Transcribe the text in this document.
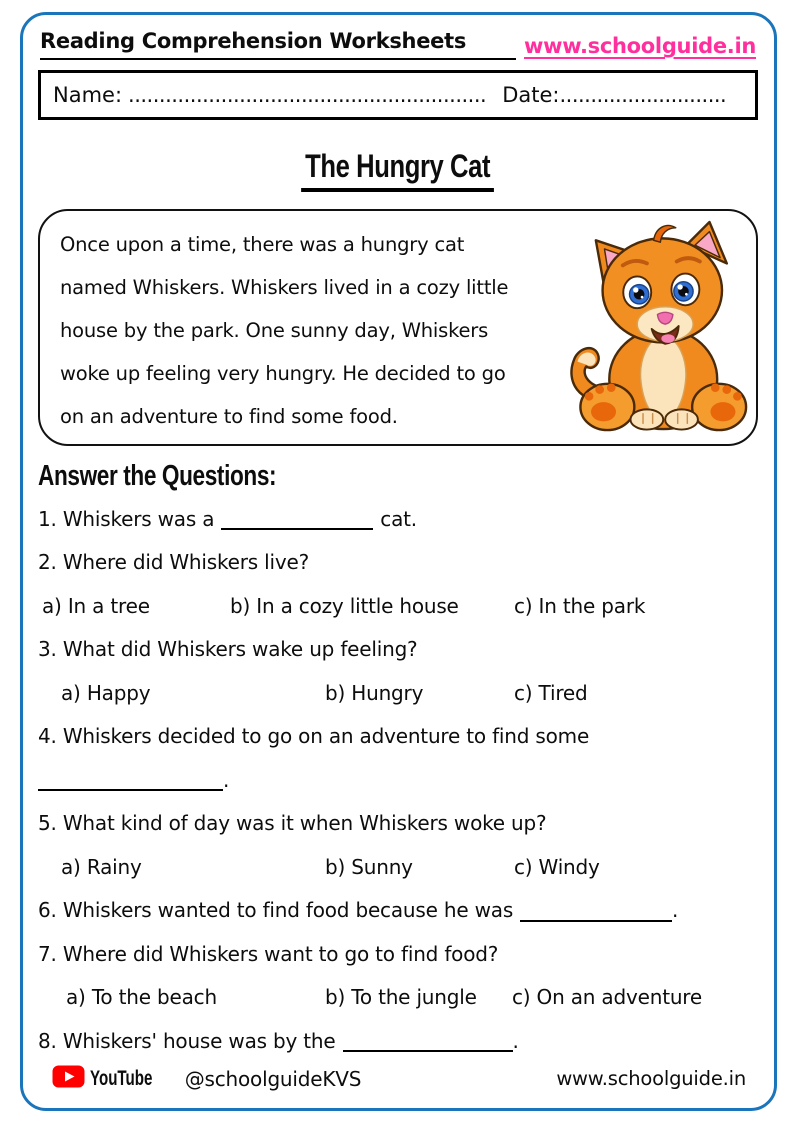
Reading Comprehension Worksheets	www.schoolguide.in
Name: .......................................................... Date: ...........................
The Hungry Cat
Once upon a time, there was a hungry cat
named Whiskers. Whiskers lived in a cozy little
house by the park. One sunny day, Whiskers
woke up feeling very hungry. He decided to go
on an adventure to find some food.
Answer the Questions:
1. Whiskers was a	cat.
2. Where did Whiskers live?
a) In a tree	b) In a cozy little house	c) In the park
3. What did Whiskers wake up feeling?
a) Happy	b) Hungry	c) Tired
4. Whiskers decided to go on an adventure to find some
.
5. What kind of day was it when Whiskers woke up?
a) Rainy	b) Sunny	c) Windy
6. Whiskers wanted to find food because he was	.
7. Where did Whiskers want to go to find food?
a) To the beach	b) To the jungle	c) On an adventure
8. Whiskers' house was by the	.
YouTube @schoolguideKVS	www.schoolguide.in
